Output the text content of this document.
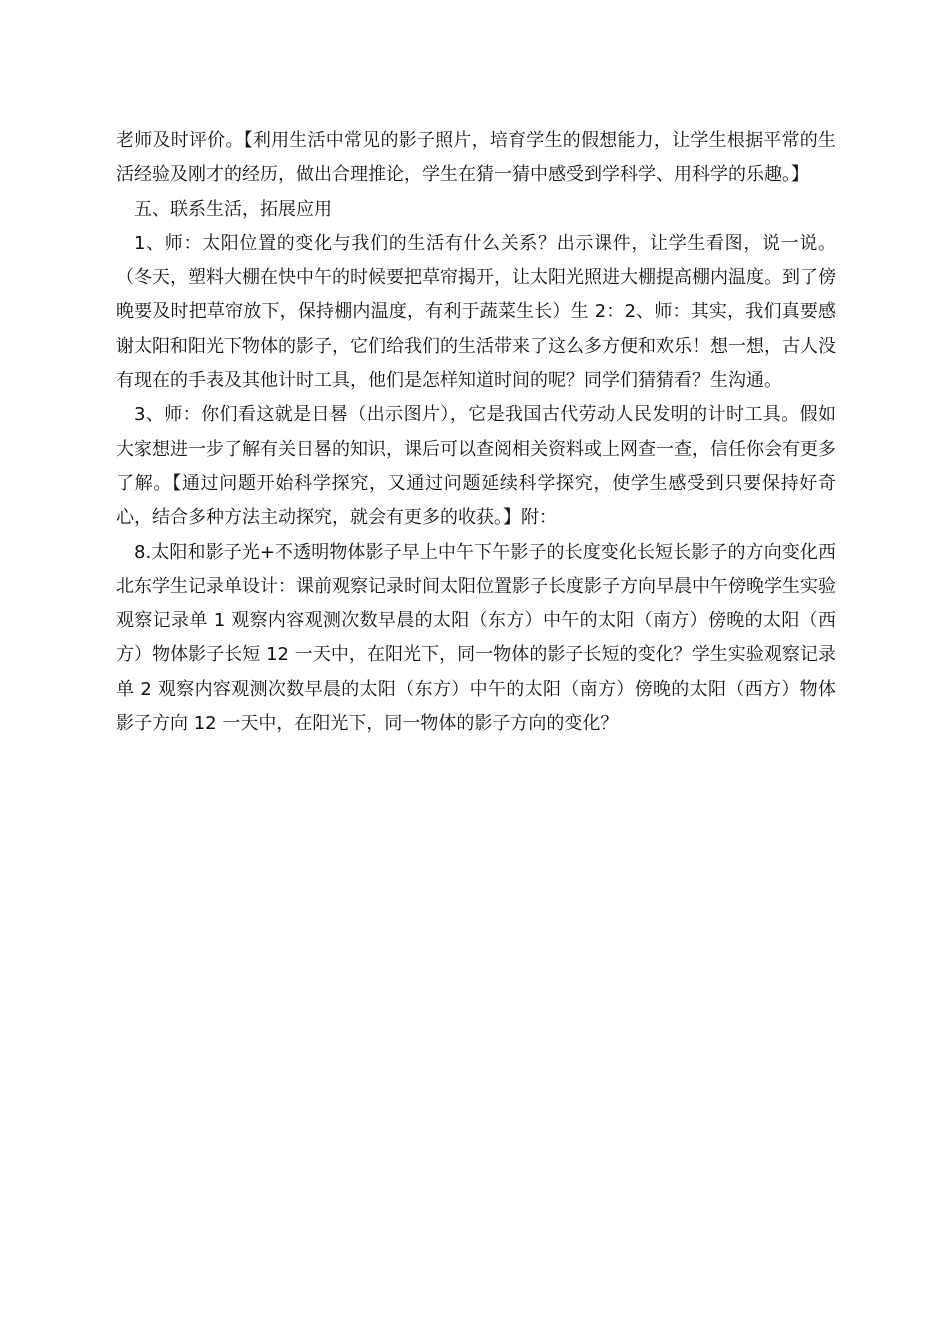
老师及时评价。【利用生活中常见的影子照片，培育学生的假想能力，让学生根据平常的生活经验及刚才的经历，做出合理推论，学生在猜一猜中感受到学科学、用科学的乐趣。】

五、联系生活，拓展应用

1、师：太阳位置的变化与我们的生活有什么关系？出示课件，让学生看图，说一说。（冬天，塑料大棚在快中午的时候要把草帘揭开，让太阳光照进大棚提高棚内温度。到了傍晚要及时把草帘放下，保持棚内温度，有利于蔬菜生长）生 2：2、师：其实，我们真要感谢太阳和阳光下物体的影子，它们给我们的生活带来了这么多方便和欢乐！想一想，古人没有现在的手表及其他计时工具，他们是怎样知道时间的呢？同学们猜猜看？生沟通。

3、师：你们看这就是日晷（出示图片），它是我国古代劳动人民发明的计时工具。假如大家想进一步了解有关日晷的知识，课后可以查阅相关资料或上网查一查，信任你会有更多了解。【通过问题开始科学探究，又通过问题延续科学探究，使学生感受到只要保持好奇心，结合多种方法主动探究，就会有更多的收获。】附：

8.太阳和影子光+不透明物体影子早上中午下午影子的长度变化长短长影子的方向变化西北东学生记录单设计：课前观察记录时间太阳位置影子长度影子方向早晨中午傍晚学生实验观察记录单 1 观察内容观测次数早晨的太阳（东方）中午的太阳（南方）傍晚的太阳（西方）物体影子长短 12 一天中，在阳光下，同一物体的影子长短的变化？学生实验观察记录单 2 观察内容观测次数早晨的太阳（东方）中午的太阳（南方）傍晚的太阳（西方）物体影子方向 12 一天中，在阳光下，同一物体的影子方向的变化？
